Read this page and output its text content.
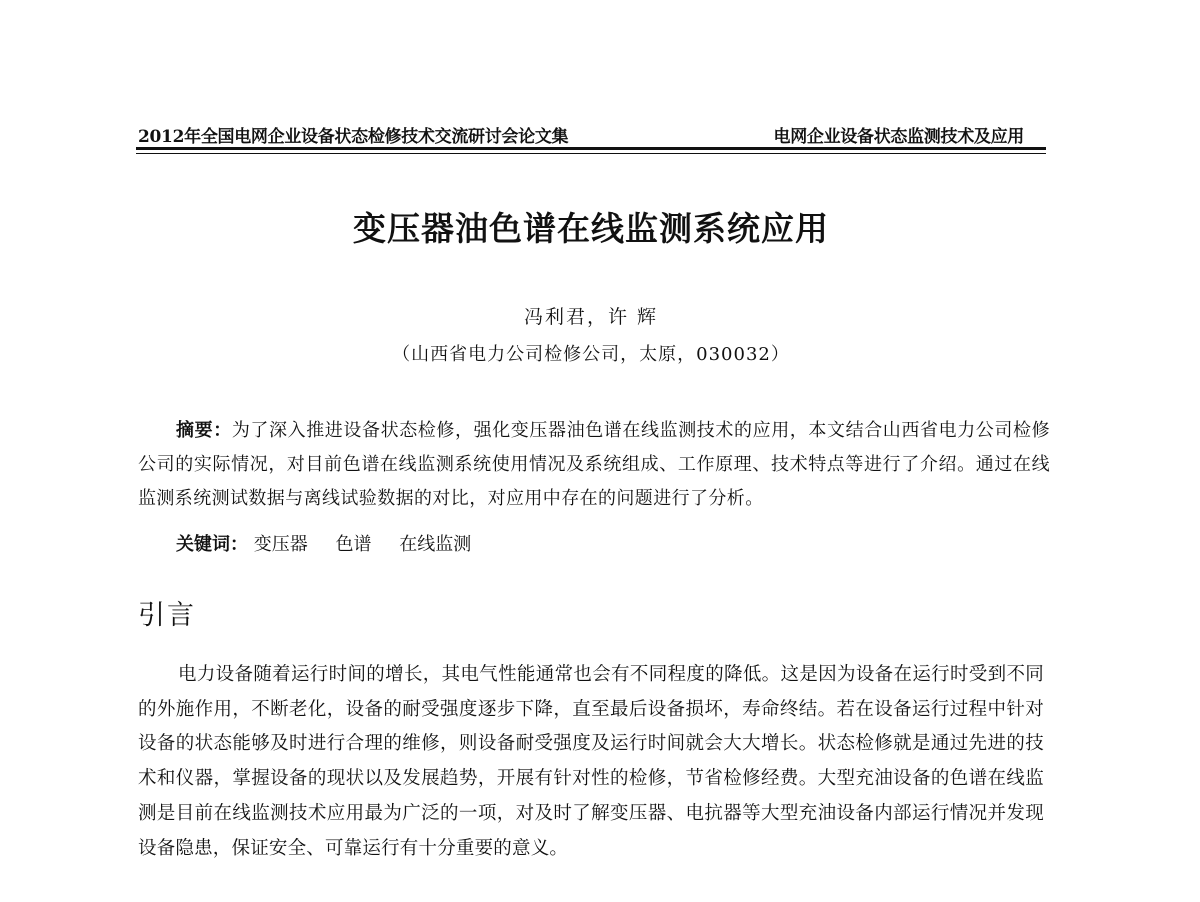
2012年全国电网企业设备状态检修技术交流研讨会论文集	电网企业设备状态监测技术及应用
变压器油色谱在线监测系统应用
冯利君，许 辉
（山西省电力公司检修公司，太原，030032）
摘要：为了深入推进设备状态检修，强化变压器油色谱在线监测技术的应用，本文结合山西省电力公司检修公司的实际情况，对目前色谱在线监测系统使用情况及系统组成、工作原理、技术特点等进行了介绍。通过在线监测系统测试数据与离线试验数据的对比，对应用中存在的问题进行了分析。
关键词： 变压器 色谱 在线监测
引言
电力设备随着运行时间的增长，其电气性能通常也会有不同程度的降低。这是因为设备在运行时受到不同的外施作用，不断老化，设备的耐受强度逐步下降，直至最后设备损坏，寿命终结。若在设备运行过程中针对设备的状态能够及时进行合理的维修，则设备耐受强度及运行时间就会大大增长。状态检修就是通过先进的技术和仪器，掌握设备的现状以及发展趋势，开展有针对性的检修，节省检修经费。大型充油设备的色谱在线监测是目前在线监测技术应用最为广泛的一项，对及时了解变压器、电抗器等大型充油设备内部运行情况并发现设备隐患，保证安全、可靠运行有十分重要的意义。
